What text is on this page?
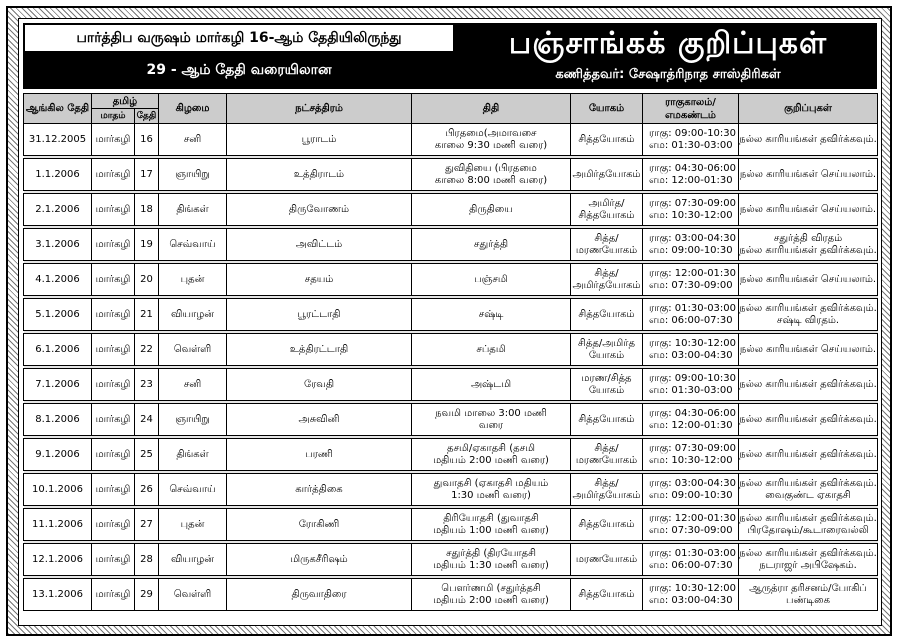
பார்த்திப வருஷம் மார்கழி 16-ஆம் தேதியிலிருந்து
29 - ஆம் தேதி வரையிலான
பஞ்சாங்கக் குறிப்புகள்
கணித்தவர்: சேஷாத்ரிநாத சாஸ்திரிகள்
ஆங்கில தேதி	தமிழ்		கிழமை	நட்சத்திரம்	திதி	யோகம்	ராகுகாலம்/ எமகண்டம்	குறிப்புகள்
	மாதம்	தேதி						
31.12.2005	மார்கழி	16	சனி	பூராடம்	பிரதமை(அமாவசை
காலை 9:30 மணி வரை)	சித்தயோகம்	ராகு: 09:00-10:30
எம: 01:30-03:00	நல்ல காரியங்கள் தவிர்க்கவும்.

1.1.2006	மார்கழி	17	ஞாயிறு	உத்திராடம்	துவிதியை (பிரதமை
காலை 8:00 மணி வரை)	அமிர்தயோகம்	ராகு: 04:30-06:00
எம: 12:00-01:30	நல்ல காரியங்கள் செய்யலாம்.

2.1.2006	மார்கழி	18	திங்கள்	திருவோணம்	திருதியை	அமிர்த/
சித்தயோகம்	ராகு: 07:30-09:00
எம: 10:30-12:00	நல்ல காரியங்கள் செய்யலாம்.

3.1.2006	மார்கழி	19	செவ்வாய்	அவிட்டம்	சதுர்த்தி	சித்த/
மரணயோகம்	ராகு: 03:00-04:30
எம: 09:00-10:30	சதுர்த்தி விரதம்
நல்ல காரியங்கள் தவிர்க்கவும்.

4.1.2006	மார்கழி	20	புதன்	சதயம்	பஞ்சமி	சித்த/
அமிர்தயோகம்	ராகு: 12:00-01:30
எம: 07:30-09:00	நல்ல காரியங்கள் செய்யலாம்.

5.1.2006	மார்கழி	21	வியாழன்	பூரட்டாதி	சஷ்டி	சித்தயோகம்	ராகு: 01:30-03:00
எம: 06:00-07:30	நல்ல காரியங்கள் தவிர்க்கவும்.
சஷ்டி விரதம்.

6.1.2006	மார்கழி	22	வெள்ளி	உத்திரட்டாதி	சப்தமி	சித்த/அமிர்த
யோகம்	ராகு: 10:30-12:00
எம: 03:00-04:30	நல்ல காரியங்கள் செய்யலாம்.

7.1.2006	மார்கழி	23	சனி	ரேவதி	அஷ்டமி	மரண/சித்த
யோகம்	ராகு: 09:00-10:30
எம: 01:30-03:00	நல்ல காரியங்கள் தவிர்க்கவும்.

8.1.2006	மார்கழி	24	ஞாயிறு	அசுவினி	நவமி மாலை 3:00 மணி
வரை	சித்தயோகம்	ராகு: 04:30-06:00
எம: 12:00-01:30	நல்ல காரியங்கள் தவிர்க்கவும்.

9.1.2006	மார்கழி	25	திங்கள்	பரணி	தசமி/ஏகாதசி (தசமி
மதியம் 2:00 மணி வரை)	சித்த/
மரணயோகம்	ராகு: 07:30-09:00
எம: 10:30-12:00	நல்ல காரியங்கள் தவிர்க்கவும்.

10.1.2006	மார்கழி	26	செவ்வாய்	கார்த்திகை	துவாதசி (ஏகாதசி மதியம்
1:30 மணி வரை)	சித்த/
அமிர்தயோகம்	ராகு: 03:00-04:30
எம: 09:00-10:30	நல்ல காரியங்கள் தவிர்க்கவும்.
வைகுண்ட ஏகாதசி

11.1.2006	மார்கழி	27	புதன்	ரோகிணி	திரியோதசி (துவாதசி
மதியம் 1:00 மணி வரை)	சித்தயோகம்	ராகு: 12:00-01:30
எம: 07:30-09:00	நல்ல காரியங்கள் தவிர்க்கவும்.
பிரதோஷம்/கூடாரைவல்லி

12.1.2006	மார்கழி	28	வியாழன்	மிருகசீரிஷம்	சதுர்த்தி (திரயோதசி
மதியம் 1:30 மணி வரை)	மரணயோகம்	ராகு: 01:30-03:00
எம: 06:00-07:30	நல்ல காரியங்கள் தவிர்க்கவும்.
நடராஜர் அபிஷேகம்.

13.1.2006	மார்கழி	29	வெள்ளி	திருவாதிரை	பௌர்ணமி (சதுர்த்தசி
மதியம் 2:00 மணி வரை)	சித்தயோகம்	ராகு: 10:30-12:00
எம: 03:00-04:30	ஆருத்ரா தரிசனம்/போகிப் பண்டிகை
